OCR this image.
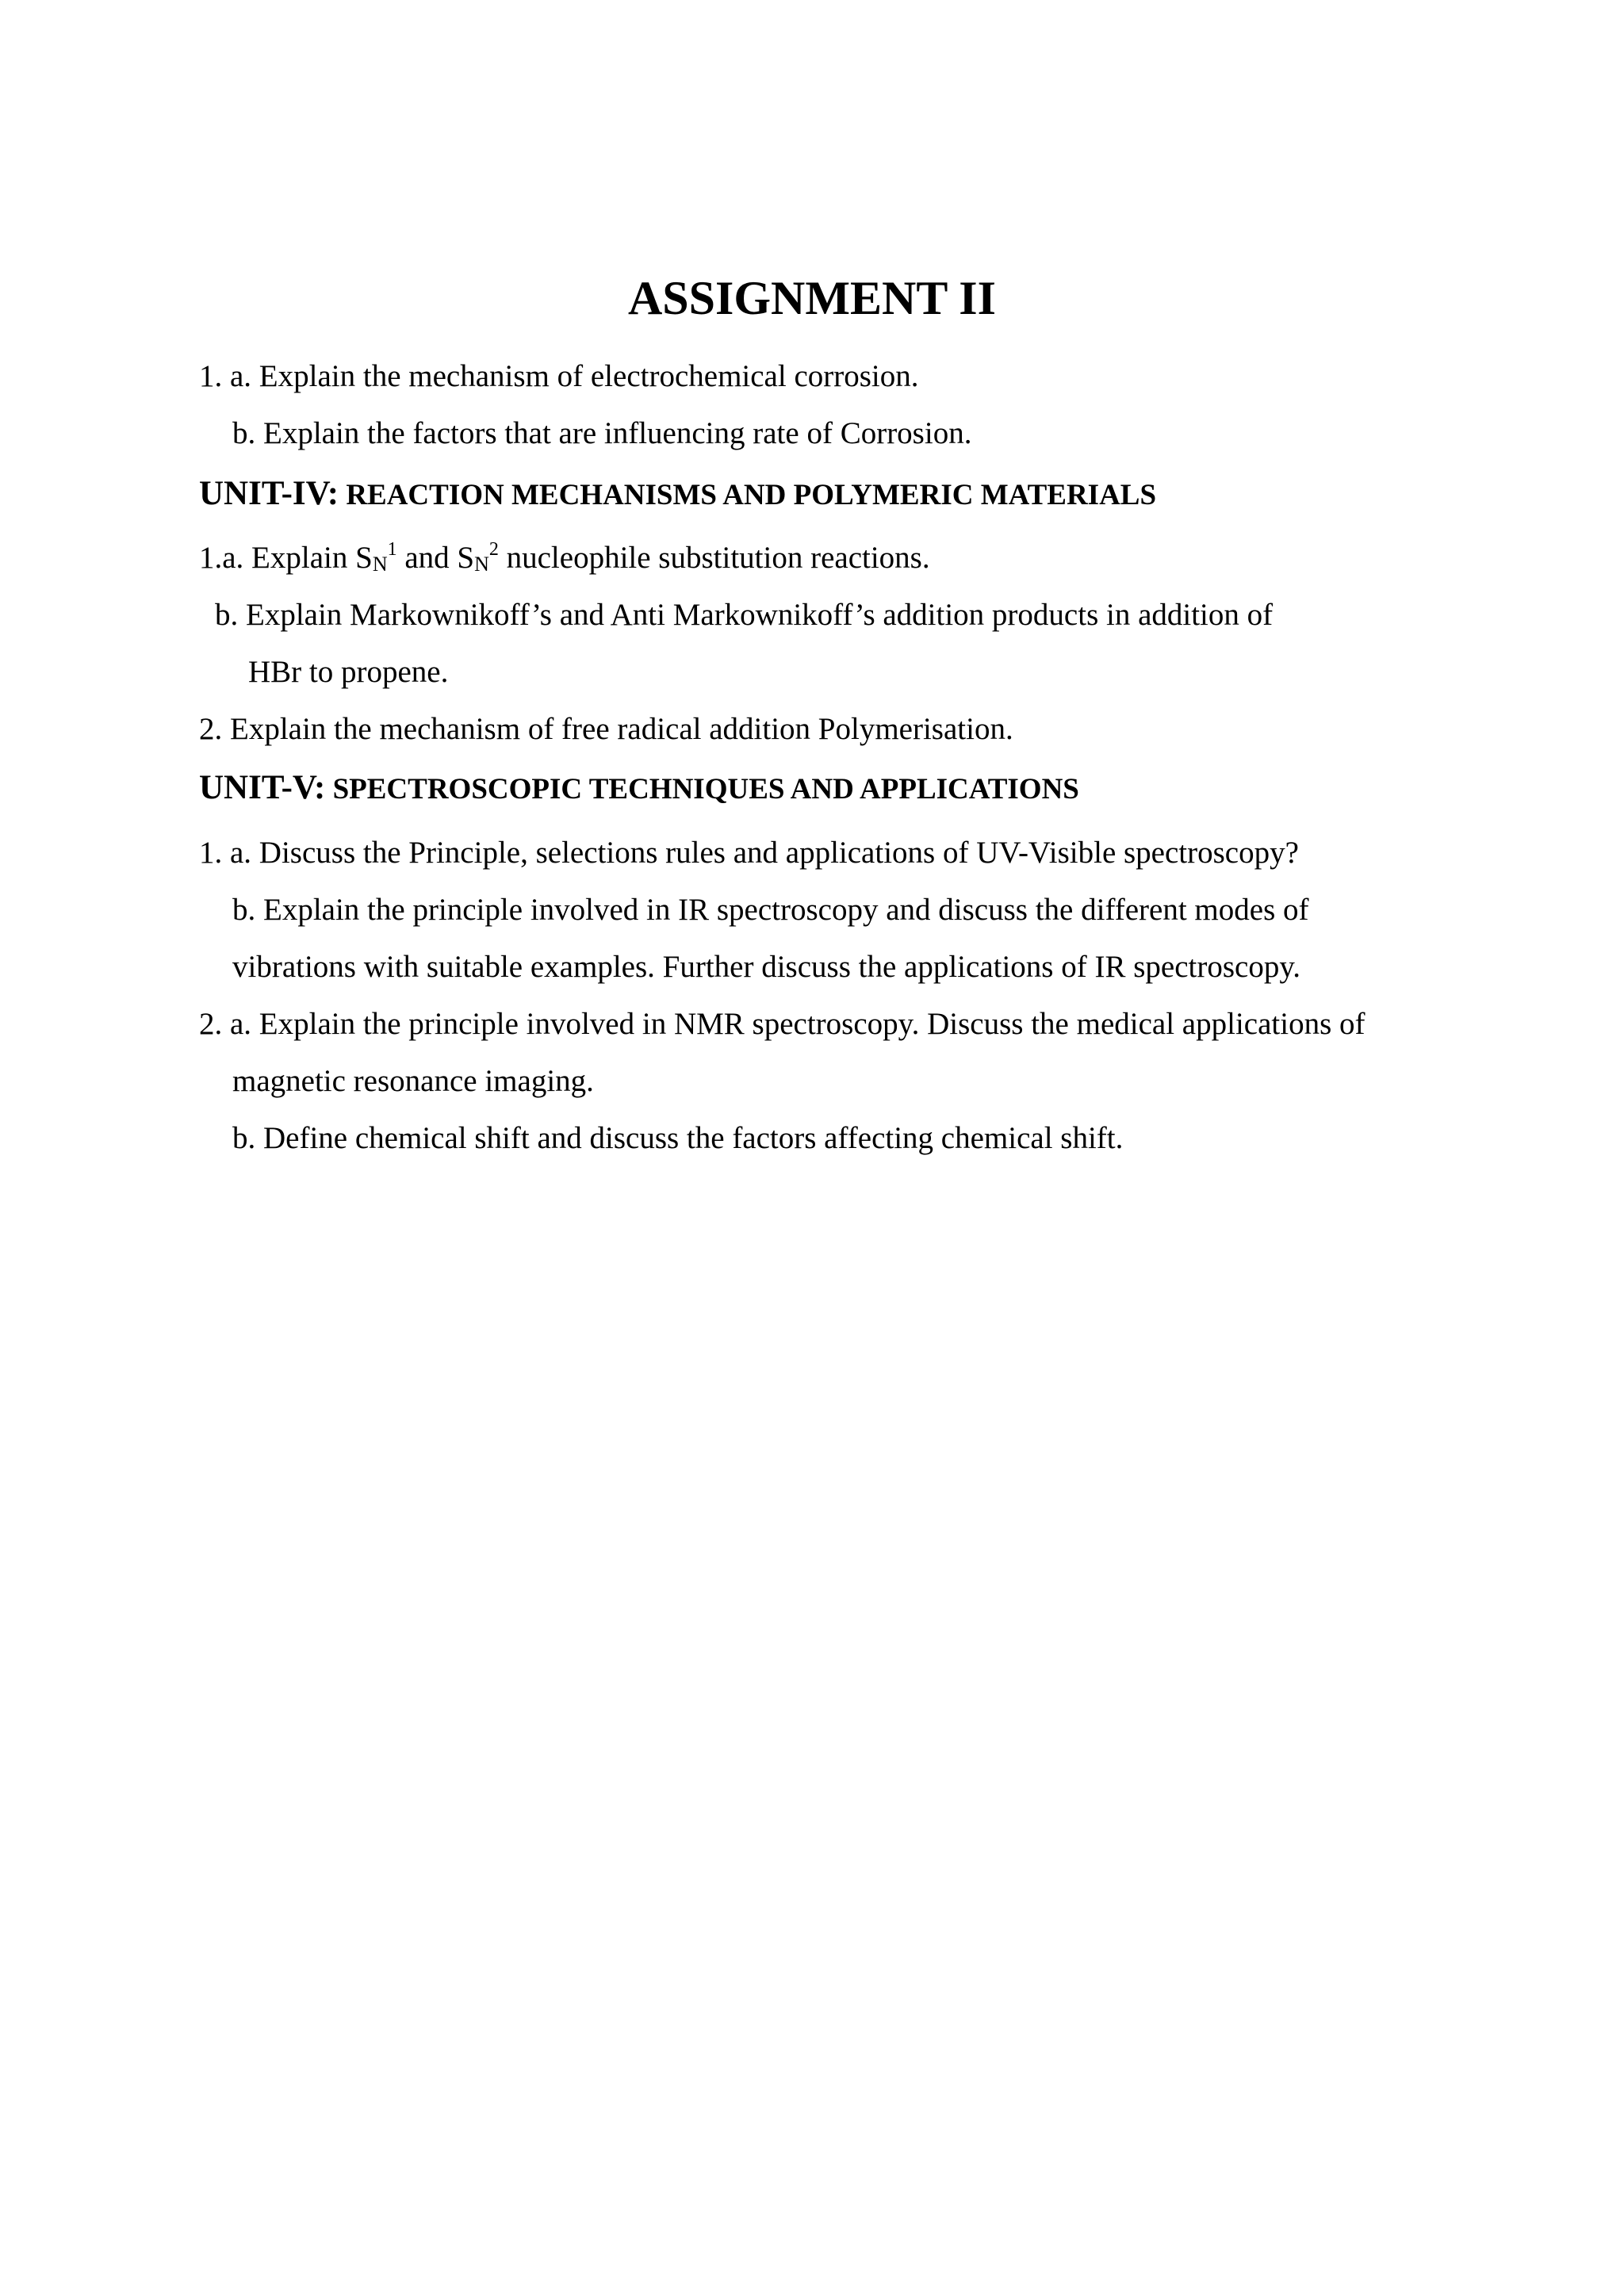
ASSIGNMENT II
1. a. Explain the mechanism of electrochemical corrosion.
b. Explain the factors that are influencing rate of Corrosion.
UNIT-IV: REACTION MECHANISMS AND POLYMERIC MATERIALS
1.a. Explain $S_N^1$ and $S_N^2$ nucleophile substitution reactions.
b. Explain Markownikoff’s and Anti Markownikoff’s addition products in addition of
HBr to propene.
2. Explain the mechanism of free radical addition Polymerisation.
UNIT-V: SPECTROSCOPIC TECHNIQUES AND APPLICATIONS
1. a. Discuss the Principle, selections rules and applications of UV-Visible spectroscopy?
b. Explain the principle involved in IR spectroscopy and discuss the different modes of
vibrations with suitable examples. Further discuss the applications of IR spectroscopy.
2. a. Explain the principle involved in NMR spectroscopy. Discuss the medical applications of
magnetic resonance imaging.
b. Define chemical shift and discuss the factors affecting chemical shift.
